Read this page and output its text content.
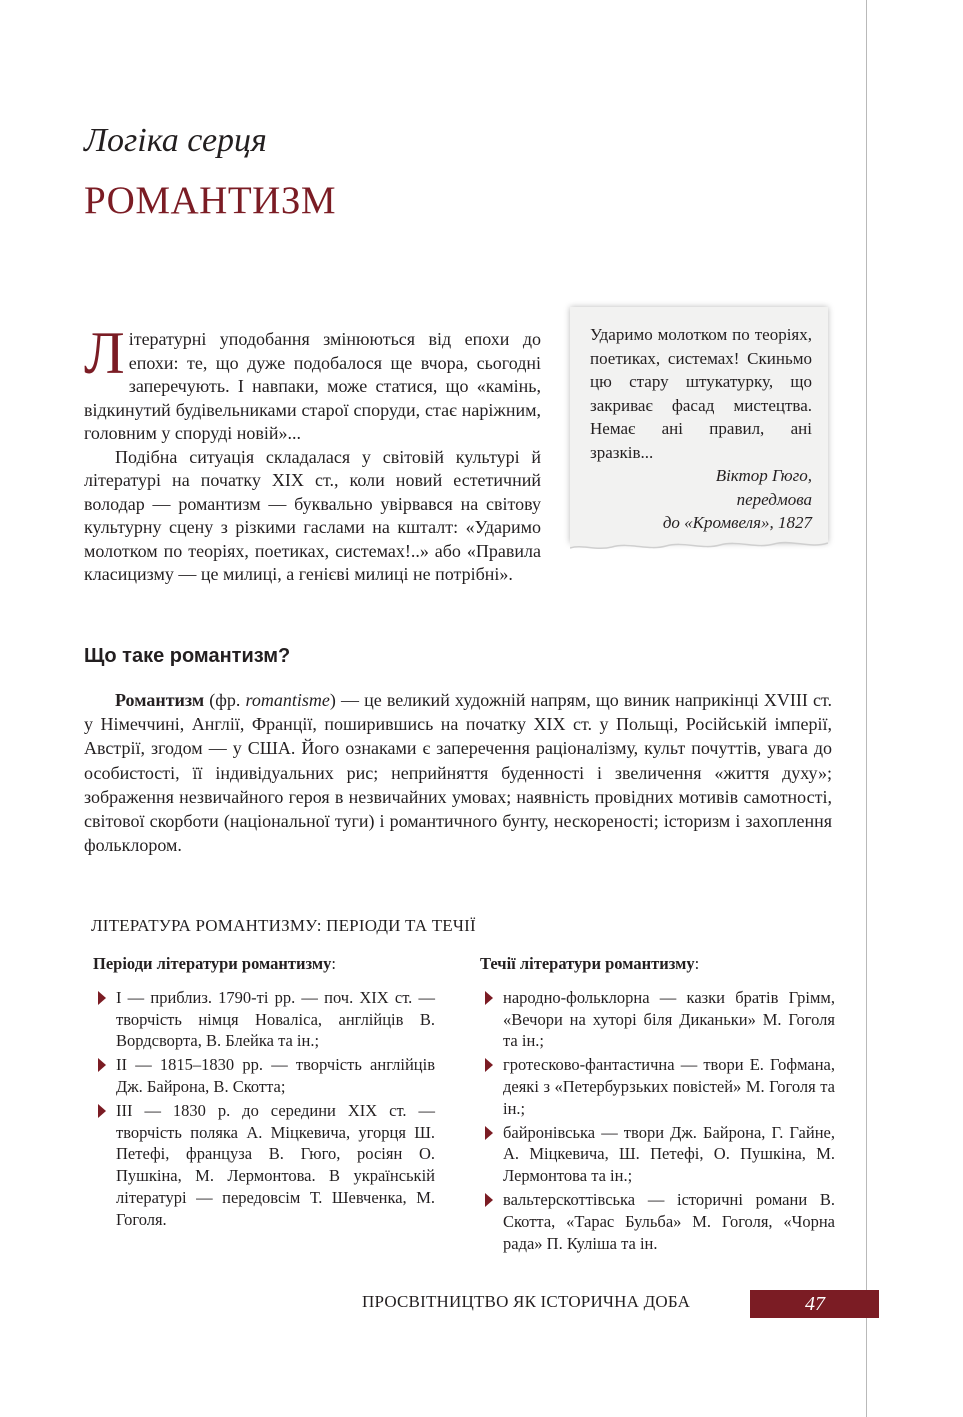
Логіка серця
РОМАНТИЗМ

Ударимо молотком по теоріях, поетиках, системах! Скиньмо цю стару штукатурку, що закриває фасад мистецтва. Немає ані правил, ані зразків...

Віктор Гюго,

передмова

до «Кромвеля», 1827

Літературні уподобання змінюються від епохи до епохи: те, що дуже подобалося ще вчора, сьогодні заперечують. І навпаки, може статися, що «камінь, відкинутий будівельниками старої споруди, стає наріжним, головним у споруді новій»...

Подібна ситуація складалася у світовій культурі й літературі на початку XIX ст., коли новий естетичний володар — романтизм — буквально увірвався на світову культурну сцену з різкими гаслами на кшталт: «Ударимо молотком по теоріях, поетиках, системах!..» або «Правила класицизму — це милиці, а генієві милиці не потрібні».

Що таке романтизм?

Романтизм (фр. romantisme) — це великий художній напрям, що виник наприкінці XVIII ст. у Німеччині, Англії, Франції, поширившись на початку XIX ст. у Польщі, Російській імперії, Австрії, згодом — у США. Його ознаками є заперечення раціоналізму, культ почуттів, увага до особистості, її індивідуальних рис; неприйняття буденності і звеличення «життя духу»; зображення незвичайного героя в незвичайних умовах; наявність провідних мотивів самотності, світової скорботи (національної туги) і романтичного бунту, нескореності; історизм і захоплення фольклором.

ЛІТЕРАТУРА РОМАНТИЗМУ: ПЕРІОДИ ТА ТЕЧІЇ

Періоди літератури романтизму:

I — приблиз. 1790-ті рр. — поч. XIX ст. — творчість німця Новаліса, англійців В. Вордсворта, В. Блейка та ін.;
II — 1815–1830 рр. — творчість англійців Дж. Байрона, В. Скотта;
III — 1830 р. до середини XIX ст. — творчість поляка А. Міцкевича, угорця Ш. Петефі, француза В. Гюго, росіян О. Пушкіна, М. Лермонтова. В українській літературі — передовсім Т. Шевченка, М. Гоголя.

Течії літератури романтизму:

народно-фольклорна — казки братів Грімм, «Вечори на хуторі біля Диканьки» М. Гоголя та ін.;
гротесково-фантастична — твори Е. Гофмана, деякі з «Петербурзьких повістей» М. Гоголя та ін.;
байронівська — твори Дж. Байрона, Г. Гайне, А. Міцкевича, Ш. Петефі, О. Пушкіна, М. Лермонтова та ін.;
вальтерскоттівська — історичні романи В. Скотта, «Тарас Бульба» М. Гоголя, «Чорна рада» П. Куліша та ін.

ПРОСВІТНИЦТВО ЯК ІСТОРИЧНА ДОБА	47
